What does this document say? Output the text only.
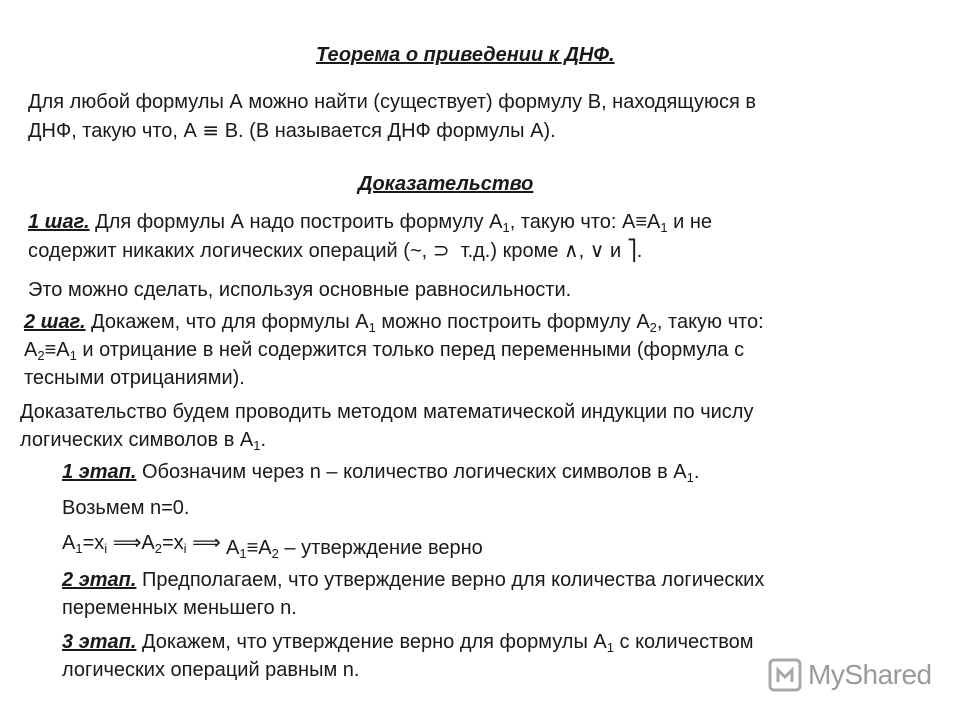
Теорема о приведении к ДНФ.
Для любой формулы А можно найти (существует) формулу В, находящуюся в
ДНФ, такую что, А ≡ В. (В называется ДНФ формулы А).
Доказательство
1 шаг. Для формулы А надо построить формулу $А_1$, такую что: $А\equiv А_1$ и не
содержит никаких логических операций (~, ⊃ т.д.) кроме ∧, ∨ и ⎤.
Это можно сделать, используя основные равносильности.
2 шаг. Докажем, что для формулы $А_1$ можно построить формулу $А_2$, такую что:
$А_2\equiv А_1$ и отрицание в ней содержится только перед переменными (формула с
тесными отрицаниями).
Доказательство будем проводить методом математической индукции по числу
логических символов в $А_1$.
1 этап. Обозначим через n – количество логических символов в $А_1$.
Возьмем n=0.
$А_1=x_i$ $⟹А_2=x_i$ ⟹ $А_1\equiv А_2$ – утверждение верно
2 этап. Предполагаем, что утверждение верно для количества логических
переменных меньшего n.
3 этап. Докажем, что утверждение верно для формулы $А_1$ с количеством
логических операций равным n.	MyShared
